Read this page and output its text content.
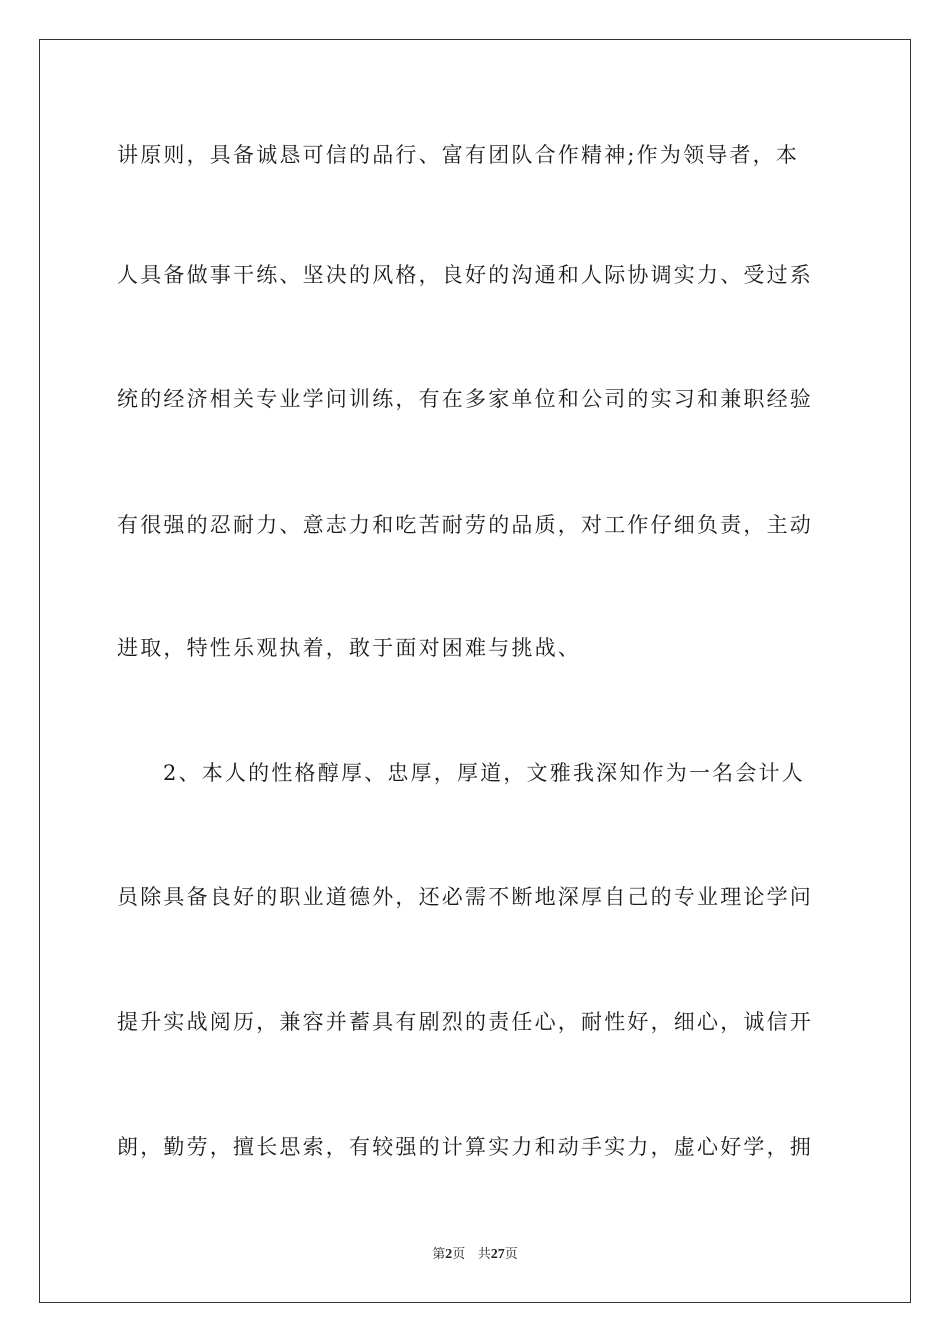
讲原则，具备诚恳可信的品行、富有团队合作精神;作为领导者，本
人具备做事干练、坚决的风格，良好的沟通和人际协调实力、受过系
统的经济相关专业学问训练，有在多家单位和公司的实习和兼职经验
有很强的忍耐力、意志力和吃苦耐劳的品质，对工作仔细负责，主动
进取，特性乐观执着，敢于面对困难与挑战、
2、本人的性格醇厚、忠厚，厚道，文雅我深知作为一名会计人
员除具备良好的职业道德外，还必需不断地深厚自己的专业理论学问
提升实战阅历，兼容并蓄具有剧烈的责任心，耐性好，细心，诚信开
朗，勤劳，擅长思索，有较强的计算实力和动手实力，虚心好学，拥
第2页 共27页
